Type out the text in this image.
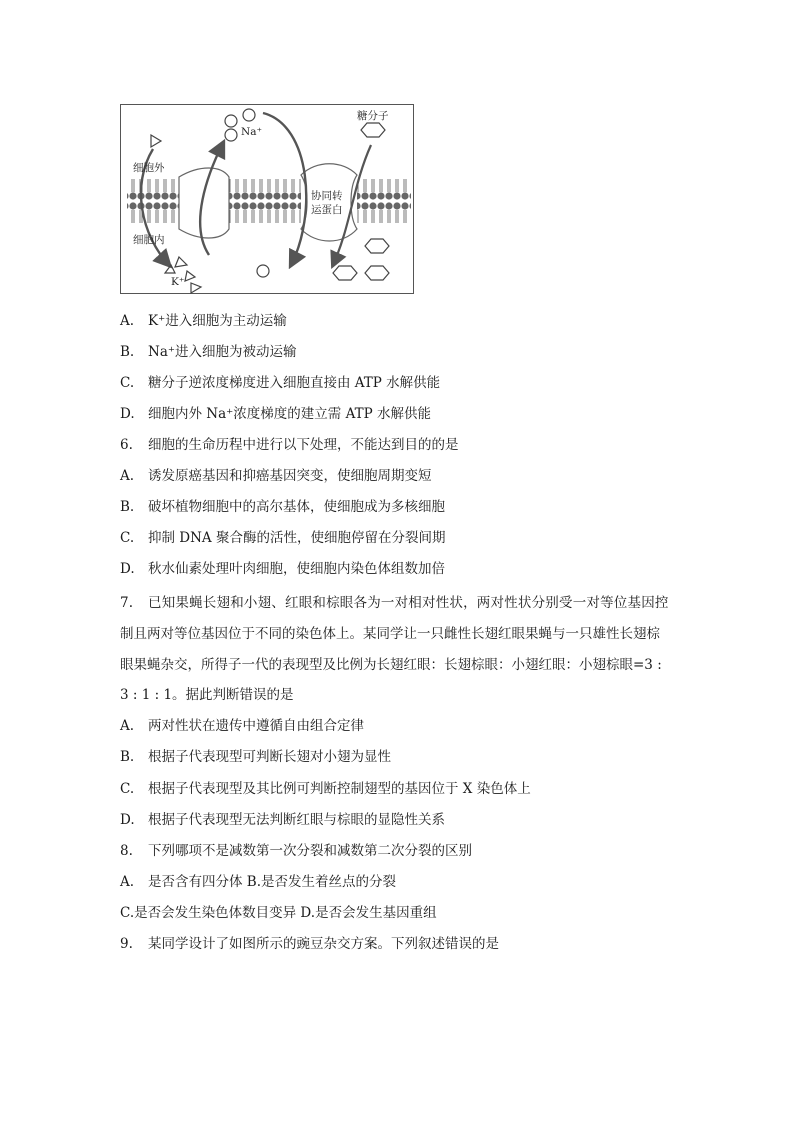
细胞外
细胞内
Na⁺
K⁺
糖分子
协同转
运蛋白
A. K⁺进入细胞为主动运输
B. Na⁺进入细胞为被动运输
C. 糖分子逆浓度梯度进入细胞直接由 ATP 水解供能
D. 细胞内外 Na⁺浓度梯度的建立需 ATP 水解供能
6. 细胞的生命历程中进行以下处理，不能达到目的的是
A. 诱发原癌基因和抑癌基因突变，使细胞周期变短
B. 破坏植物细胞中的高尔基体，使细胞成为多核细胞
C. 抑制 DNA 聚合酶的活性，使细胞停留在分裂间期
D. 秋水仙素处理叶肉细胞，使细胞内染色体组数加倍
7. 已知果蝇长翅和小翅、红眼和棕眼各为一对相对性状，两对性状分别受一对等位基因控
制且两对等位基因位于不同的染色体上。某同学让一只雌性长翅红眼果蝇与一只雄性长翅棕
眼果蝇杂交，所得子一代的表现型及比例为长翅红眼：长翅棕眼：小翅红眼：小翅棕眼=3 :
3 : 1 : 1。据此判断错误的是
A. 两对性状在遗传中遵循自由组合定律
B. 根据子代表现型可判断长翅对小翅为显性
C. 根据子代表现型及其比例可判断控制翅型的基因位于 X 染色体上
D. 根据子代表现型无法判断红眼与棕眼的显隐性关系
8. 下列哪项不是减数第一次分裂和减数第二次分裂的区别
A. 是否含有四分体 B.是否发生着丝点的分裂
C.是否会发生染色体数目变异 D.是否会发生基因重组
9. 某同学设计了如图所示的豌豆杂交方案。下列叙述错误的是
